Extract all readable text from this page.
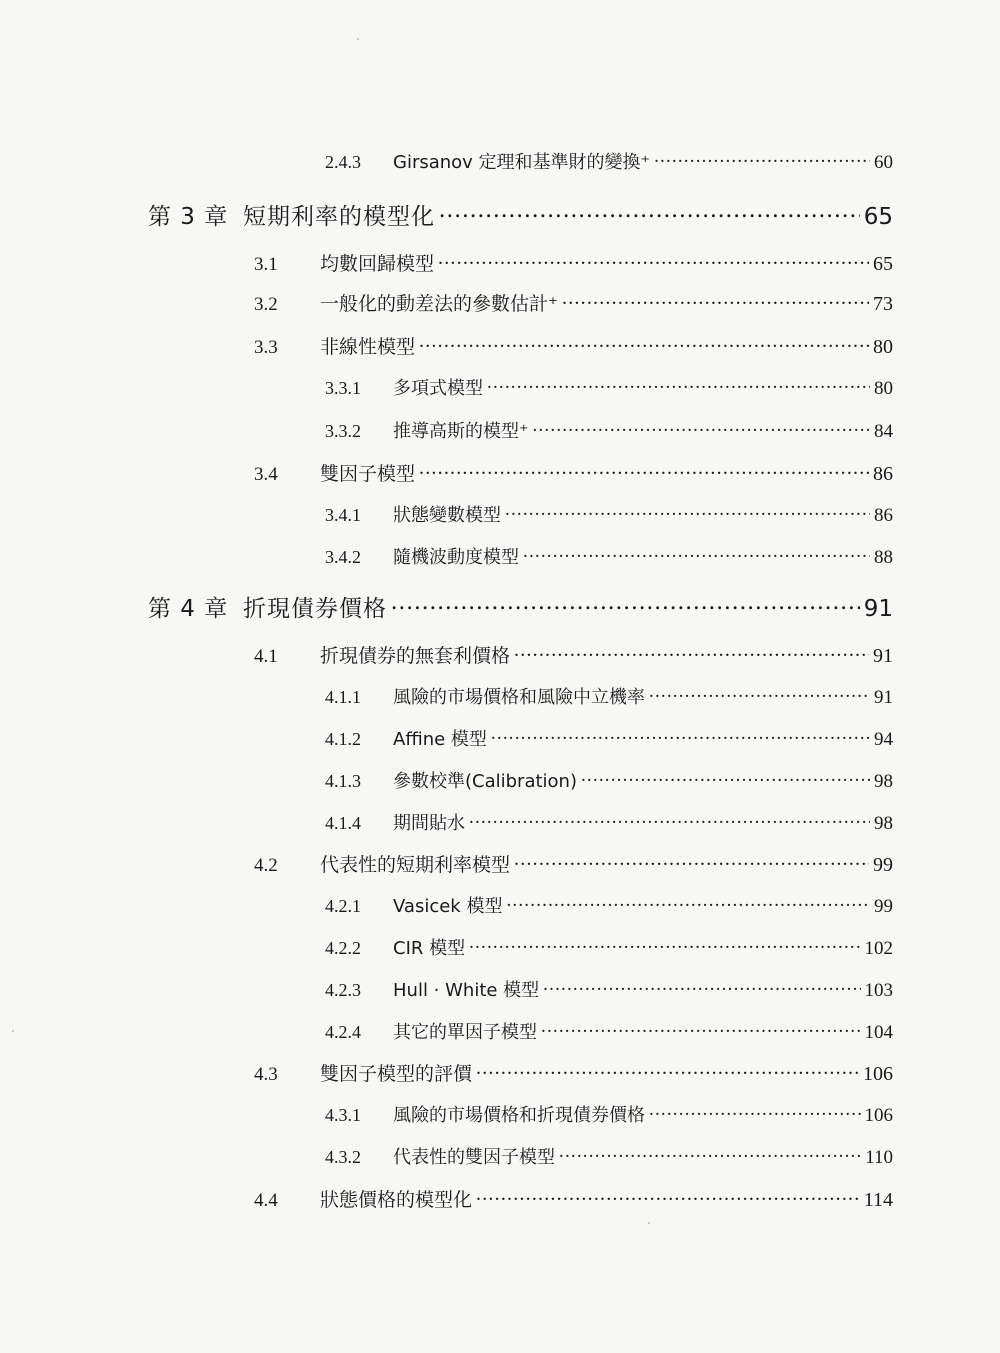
2.4.3	Girsanov 定理和基準財的變換⁺ .....	60
第 3 章 短期利率的模型化 .....	65
3.1	均數回歸模型 .....	65
3.2	一般化的動差法的參數估計⁺ .....	73
3.3	非線性模型 .....	80
3.3.1	多項式模型 .....	80
3.3.2	推導高斯的模型⁺ .....	84
3.4	雙因子模型 .....	86
3.4.1	狀態變數模型 .....	86
3.4.2	隨機波動度模型 .....	88
第 4 章 折現債券價格 .....	91
4.1	折現債券的無套利價格 .....	91
4.1.1	風險的市場價格和風險中立機率 .....	91
4.1.2	Affine 模型 .....	94
4.1.3	參數校準(Calibration) .....	98
4.1.4	期間貼水 .....	98
4.2	代表性的短期利率模型 .....	99
4.2.1	Vasicek 模型 .....	99
4.2.2	CIR 模型 .....	102
4.2.3	Hull · White 模型 .....	103
4.2.4	其它的單因子模型 .....	104
4.3	雙因子模型的評價 .....	106
4.3.1	風險的市場價格和折現債券價格 .....	106
4.3.2	代表性的雙因子模型 .....	110
4.4	狀態價格的模型化 .....	114
